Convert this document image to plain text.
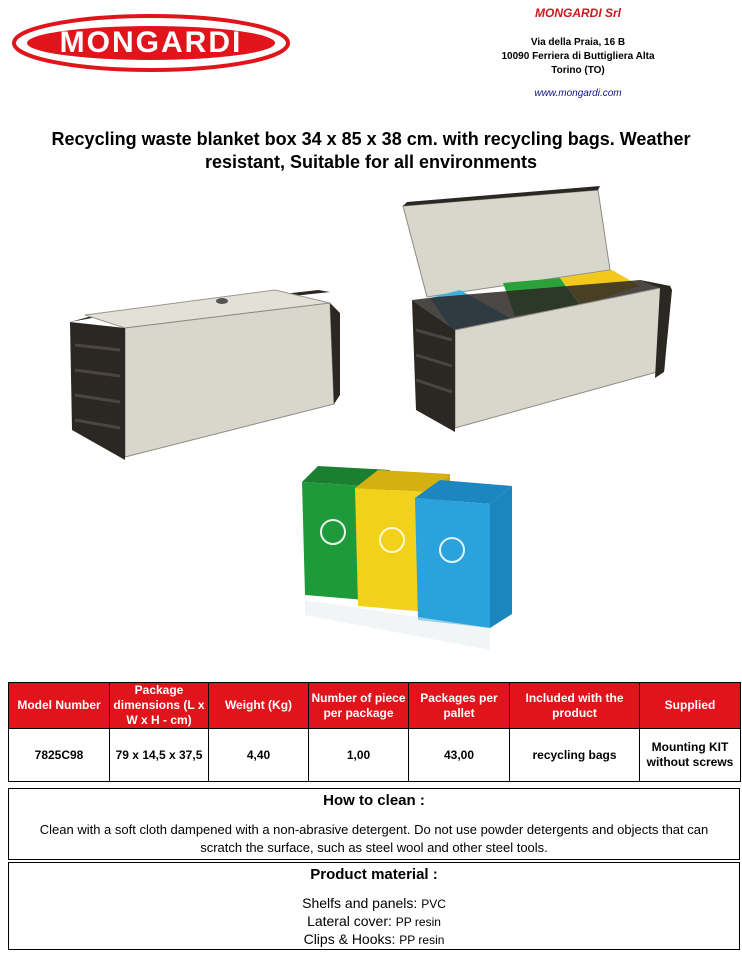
MONGARDI
MONGARDI Srl
Via della Praia, 16 B
10090 Ferriera di Buttigliera Alta
Torino (TO)
www.mongardi.com
Recycling waste blanket box 34 x 85 x 38 cm. with recycling bags. Weather resistant, Suitable for all environments
Model Number	Package dimensions (L x W x H - cm)	Weight (Kg)	Number of piece per package	Packages per pallet	Included with the product	Supplied
7825C98	79 x 14,5 x 37,5	4,40	1,00	43,00	recycling bags	Mounting KIT without screws
How to clean :

Clean with a soft cloth dampened with a non-abrasive detergent. Do not use powder detergents and objects that can scratch the surface, such as steel wool and other steel tools.

Product material :
Shelfs and panels: PVC
Lateral cover: PP resin
Clips & Hooks: PP resin
